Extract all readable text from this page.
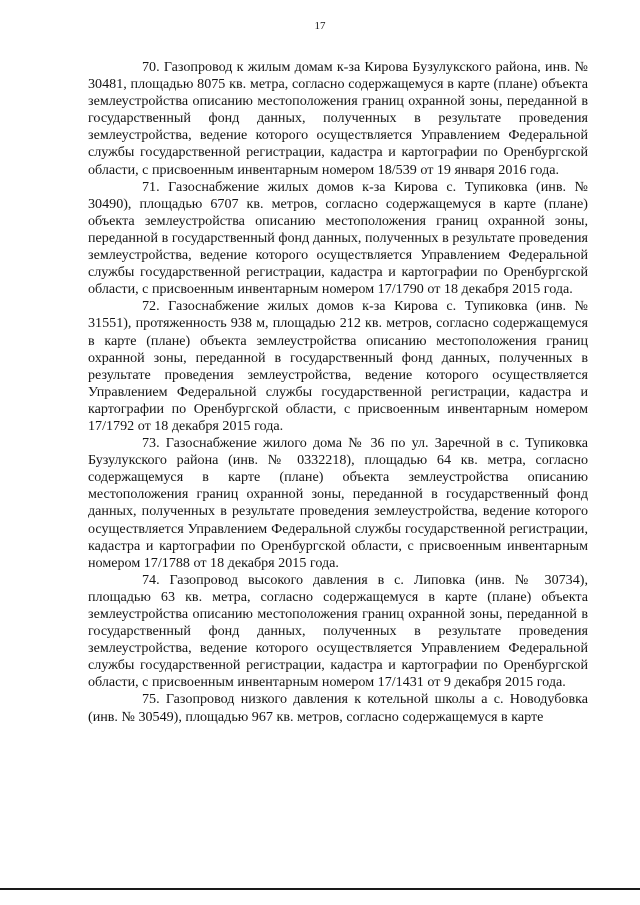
17

70. Газопровод к жилым домам к-за Кирова Бузулукского района, инв. № 30481, площадью 8075 кв. метра, согласно содержащемуся в карте (плане) объекта землеустройства описанию местоположения границ охранной зоны, переданной в государственный фонд данных, полученных в результате проведения землеустройства, ведение которого осуществляется Управлением Федеральной службы государственной регистрации, кадастра и картографии по Оренбургской области, с присвоенным инвентарным номером 18/539 от 19 января 2016 года.

71. Газоснабжение жилых домов к-за Кирова с. Тупиковка (инв. № 30490), площадью 6707 кв. метров, согласно содержащемуся в карте (плане) объекта землеустройства описанию местоположения границ охранной зоны, переданной в государственный фонд данных, полученных в результате проведения землеустройства, ведение которого осуществляется Управлением Федеральной службы государственной регистрации, кадастра и картографии по Оренбургской области, с присвоенным инвентарным номером 17/1790 от 18 декабря 2015 года.

72. Газоснабжение жилых домов к-за Кирова с. Тупиковка (инв. № 31551), протяженность 938 м, площадью 212 кв. метров, согласно содержащемуся в карте (плане) объекта землеустройства описанию местоположения границ охранной зоны, переданной в государственный фонд данных, полученных в результате проведения землеустройства, ведение которого осуществляется Управлением Федеральной службы государственной регистрации, кадастра и картографии по Оренбургской области, с присвоенным инвентарным номером 17/1792 от 18 декабря 2015 года.

73. Газоснабжение жилого дома № 36 по ул. Заречной в с. Тупиковка Бузулукского района (инв. № 0332218), площадью 64 кв. метра, согласно содержащемуся в карте (плане) объекта землеустройства описанию местоположения границ охранной зоны, переданной в государственный фонд данных, полученных в результате проведения землеустройства, ведение которого осуществляется Управлением Федеральной службы государственной регистрации, кадастра и картографии по Оренбургской области, с присвоенным инвентарным номером 17/1788 от 18 декабря 2015 года.

74. Газопровод высокого давления в с. Липовка (инв. № 30734), площадью 63 кв. метра, согласно содержащемуся в карте (плане) объекта землеустройства описанию местоположения границ охранной зоны, переданной в государственный фонд данных, полученных в результате проведения землеустройства, ведение которого осуществляется Управлением Федеральной службы государственной регистрации, кадастра и картографии по Оренбургской области, с присвоенным инвентарным номером 17/1431 от 9 декабря 2015 года.

75. Газопровод низкого давления к котельной школы а с. Новодубовка (инв. № 30549), площадью 967 кв. метров, согласно содержащемуся в карте
